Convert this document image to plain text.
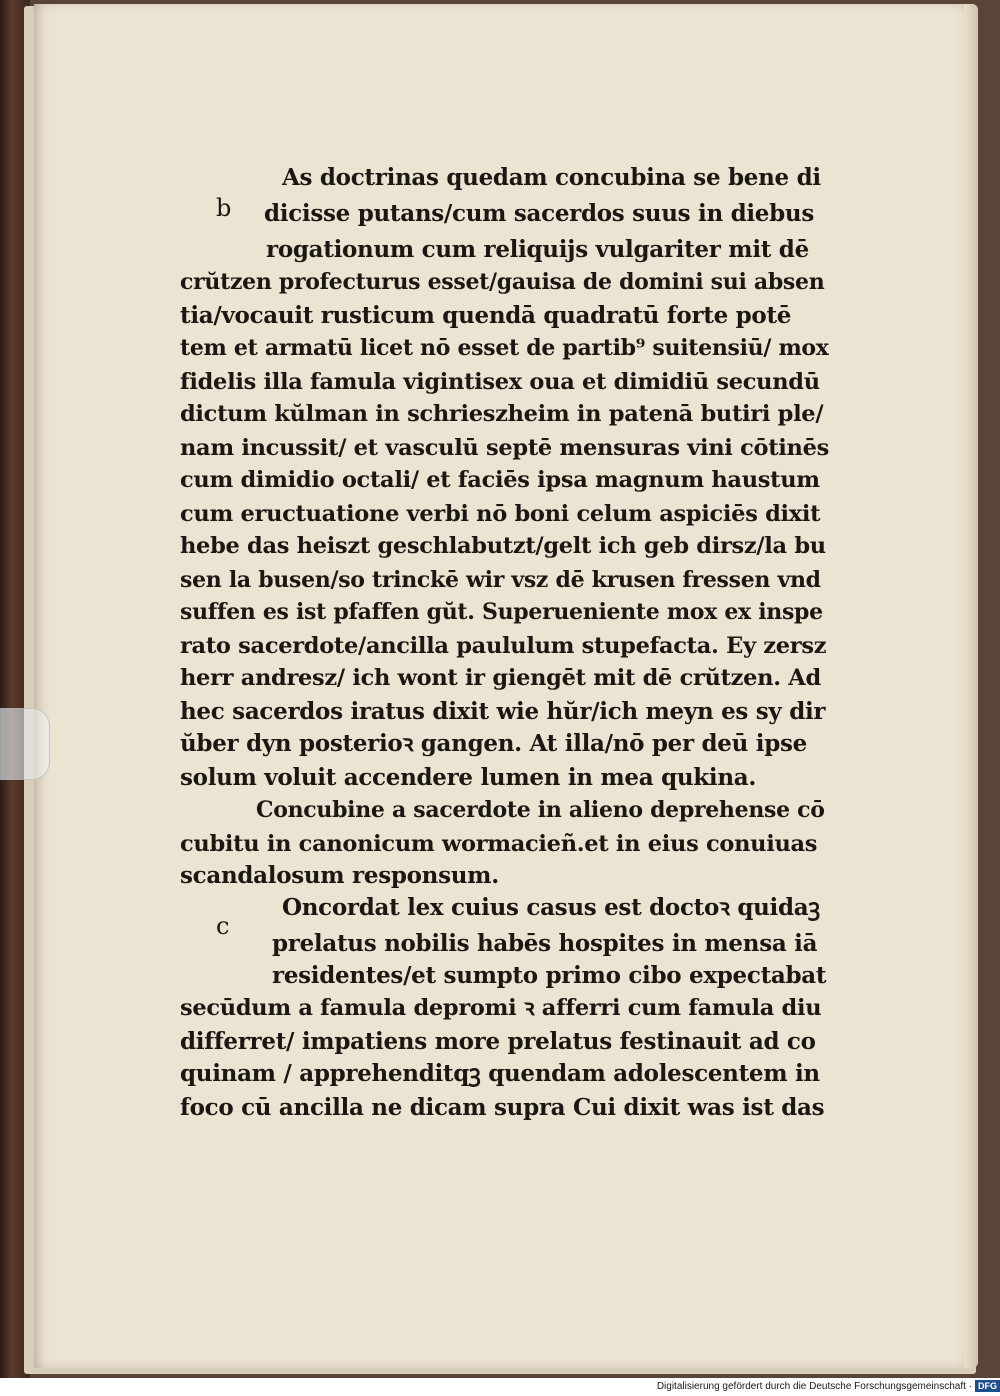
b
c
As doctrinas quedam concubina se bene di
dicisse putans/cum sacerdos suus in diebus
rogationum cum reliquijs vulgariter mit dē
crŭtzen profecturus esset/gauisa de domini sui absen
tia/vocauit rusticum quendā quadratū forte potē
tem et armatū licet nō esset de partib⁹ suitensiū/ mox
fidelis illa famula vigintisex oua et dimidiū secundū
dictum kŭlman in schrieszheim in patenā butiri ple/
nam incussit/ et vasculū septē mensuras vini cōtinēs
cum dimidio octali/ et faciēs ipsa magnum haustum
cum eructuatione verbi nō boni celum aspiciēs dixit
hebe das heiszt geschlabutzt/gelt ich geb dirsz/la bu
sen la busen/so trinckē wir vsz dē krusen fressen vnd
suffen es ist pfaffen gŭt. Superueniente mox ex inspe
rato sacerdote/ancilla paululum stupefacta. Ey zersz
herr andresz/ ich wont ir giengēt mit dē crŭtzen. Ad
hec sacerdos iratus dixit wie hŭr/ich meyn es sy dir
ŭber dyn posterioꝛ gangen. At illa/nō per deū ipse
solum voluit accendere lumen in mea qukina.
Concubine a sacerdote in alieno deprehense cō
cubitu in canonicum wormacieñ.et in eius conuiuas
scandalosum responsum.
Oncordat lex cuius casus est doctoꝛ quidaꝫ
prelatus nobilis habēs hospites in mensa iā
residentes/et sumpto primo cibo expectabat
secūdum a famula depromi ꝛ afferri cum famula diu
differret/ impatiens more prelatus festinauit ad co
quinam / apprehenditqꝫ quendam adolescentem in
foco cū ancilla ne dicam supra Cui dixit was ist das
Digitalisierung gefördert durch die Deutsche Forschungsgemeinschaft · DFG
